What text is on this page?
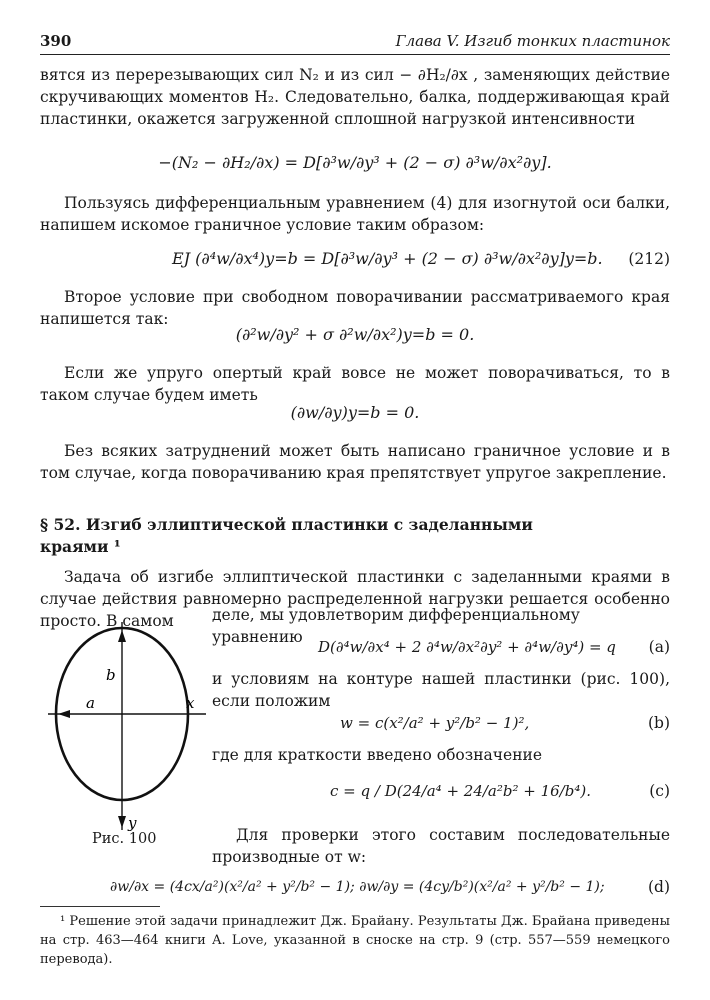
390	Глава V. Изгиб тонких пластинок
вятся из перерезывающих сил N₂ и из сил − ∂H₂/∂x , заменяющих действие скручивающих моментов H₂. Следовательно, балка, поддерживающая край пластинки, окажется загруженной сплошной нагрузкой интенсивности
−(N₂ − ∂H₂/∂x) = D[∂³w/∂y³ + (2 − σ) ∂³w/∂x²∂y].
Пользуясь дифференциальным уравнением (4) для изогнутой оси балки, напишем искомое граничное условие таким образом:
EJ (∂⁴w/∂x⁴)y=b = D[∂³w/∂y³ + (2 − σ) ∂³w/∂x²∂y]y=b. (212)
Второе условие при свободном поворачивании рассматриваемого края напишется так:
(∂²w/∂y² + σ ∂²w/∂x²)y=b = 0.
Если же упруго опертый край вовсе не может поворачиваться, то в таком случае будем иметь
(∂w/∂y)y=b = 0.
Без всяких затруднений может быть написано граничное условие и в том случае, когда поворачиванию края препятствует упругое закрепление.
§ 52. Изгиб эллиптической пластинки с заделанными краями ¹
Задача об изгибе эллиптической пластинки с заделанными краями в случае действия равномерно распределенной нагрузки решается особенно просто. В самом	деле, мы удовлетворим дифференциальному уравнению
b
a	x
y
Рис. 100
D(∂⁴w/∂x⁴ + 2 ∂⁴w/∂x²∂y² + ∂⁴w/∂y⁴) = q (a)
и условиям на контуре нашей пластинки (рис. 100), если положим
w = c(x²/a² + y²/b² − 1)²,	(b)
где для краткости введено обозначение
c = q / D(24/a⁴ + 24/a²b² + 16/b⁴).	(c)
Для проверки этого составим последовательные производные от w:
∂w/∂x = (4cx/a²)(x²/a² + y²/b² − 1); ∂w/∂y = (4cy/b²)(x²/a² + y²/b² − 1);	(d)
¹ Решение этой задачи принадлежит Дж. Брайану. Результаты Дж. Брайана приведены на стр. 463—464 книги A. Love, указанной в сноске на стр. 9 (стр. 557—559 немецкого перевода).
